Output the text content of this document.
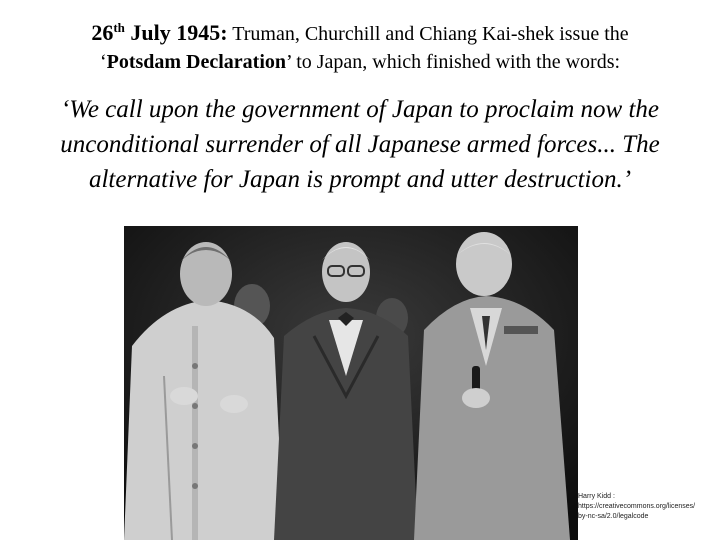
26th July 1945: Truman, Churchill and Chiang Kai-shek issue the
‘Potsdam Declaration’ to Japan, which finished with the words:
‘We call upon the government of Japan to proclaim now the
unconditional surrender of all Japanese armed forces... The
alternative for Japan is prompt and utter destruction.’
Harry Kidd :
https://creativecommons.org/licenses/by-nc-sa/2.0/legalcode
